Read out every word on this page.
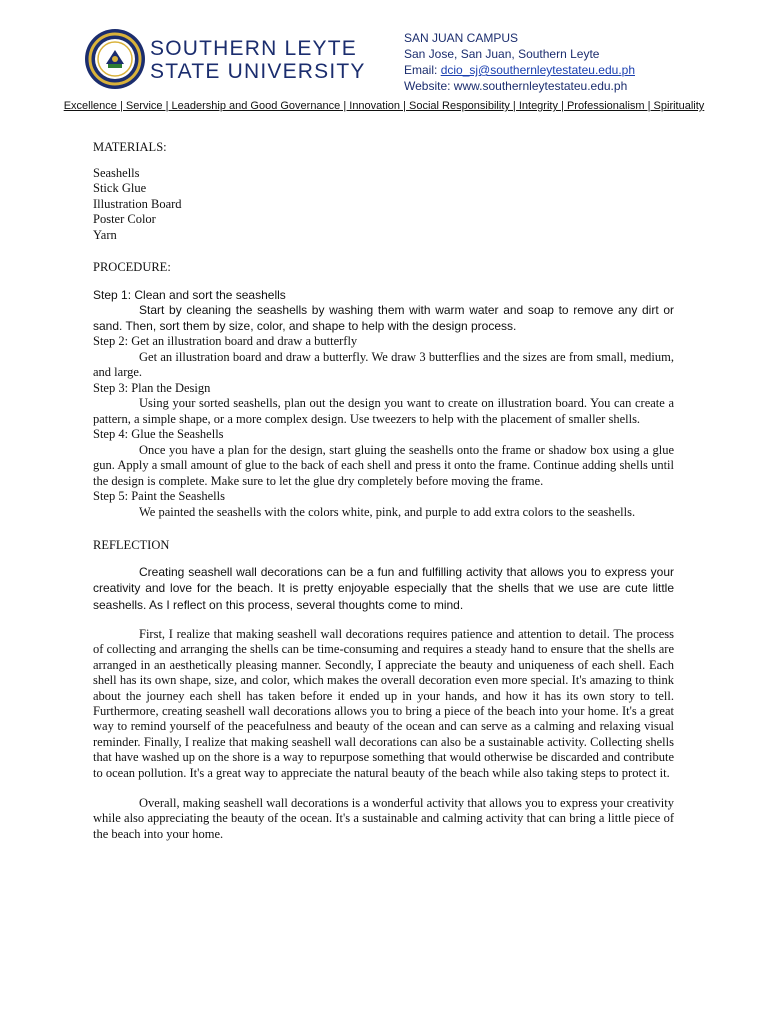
SOUTHERN LEYTE
STATE UNIVERSITY
SAN JUAN CAMPUS
San Jose, San Juan, Southern Leyte
Email: dcio_sj@southernleytestateu.edu.ph
Website: www.southernleytestateu.edu.ph
Excellence | Service | Leadership and Good Governance | Innovation | Social Responsibility | Integrity | Professionalism | Spirituality
MATERIALS:
Seashells
Stick Glue
Illustration Board
Poster Color
Yarn
PROCEDURE:
Step 1: Clean and sort the seashells
Start by cleaning the seashells by washing them with warm water and soap to remove any dirt or sand. Then, sort them by size, color, and shape to help with the design process.
Step 2: Get an illustration board and draw a butterfly
Get an illustration board and draw a butterfly. We draw 3 butterflies and the sizes are from small, medium, and large.
Step 3: Plan the Design
Using your sorted seashells, plan out the design you want to create on illustration board. You can create a pattern, a simple shape, or a more complex design. Use tweezers to help with the placement of smaller shells.
Step 4: Glue the Seashells
Once you have a plan for the design, start gluing the seashells onto the frame or shadow box using a glue gun. Apply a small amount of glue to the back of each shell and press it onto the frame. Continue adding shells until the design is complete. Make sure to let the glue dry completely before moving the frame.
Step 5: Paint the Seashells
We painted the seashells with the colors white, pink, and purple to add extra colors to the seashells.
REFLECTION
Creating seashell wall decorations can be a fun and fulfilling activity that allows you to express your creativity and love for the beach. It is pretty enjoyable especially that the shells that we use are cute little seashells. As I reflect on this process, several thoughts come to mind.
First, I realize that making seashell wall decorations requires patience and attention to detail. The process of collecting and arranging the shells can be time-consuming and requires a steady hand to ensure that the shells are arranged in an aesthetically pleasing manner. Secondly, I appreciate the beauty and uniqueness of each shell. Each shell has its own shape, size, and color, which makes the overall decoration even more special. It's amazing to think about the journey each shell has taken before it ended up in your hands, and how it has its own story to tell. Furthermore, creating seashell wall decorations allows you to bring a piece of the beach into your home. It's a great way to remind yourself of the peacefulness and beauty of the ocean and can serve as a calming and relaxing visual reminder. Finally, I realize that making seashell wall decorations can also be a sustainable activity. Collecting shells that have washed up on the shore is a way to repurpose something that would otherwise be discarded and contribute to ocean pollution. It's a great way to appreciate the natural beauty of the beach while also taking steps to protect it.
Overall, making seashell wall decorations is a wonderful activity that allows you to express your creativity while also appreciating the beauty of the ocean. It's a sustainable and calming activity that can bring a little piece of the beach into your home.
